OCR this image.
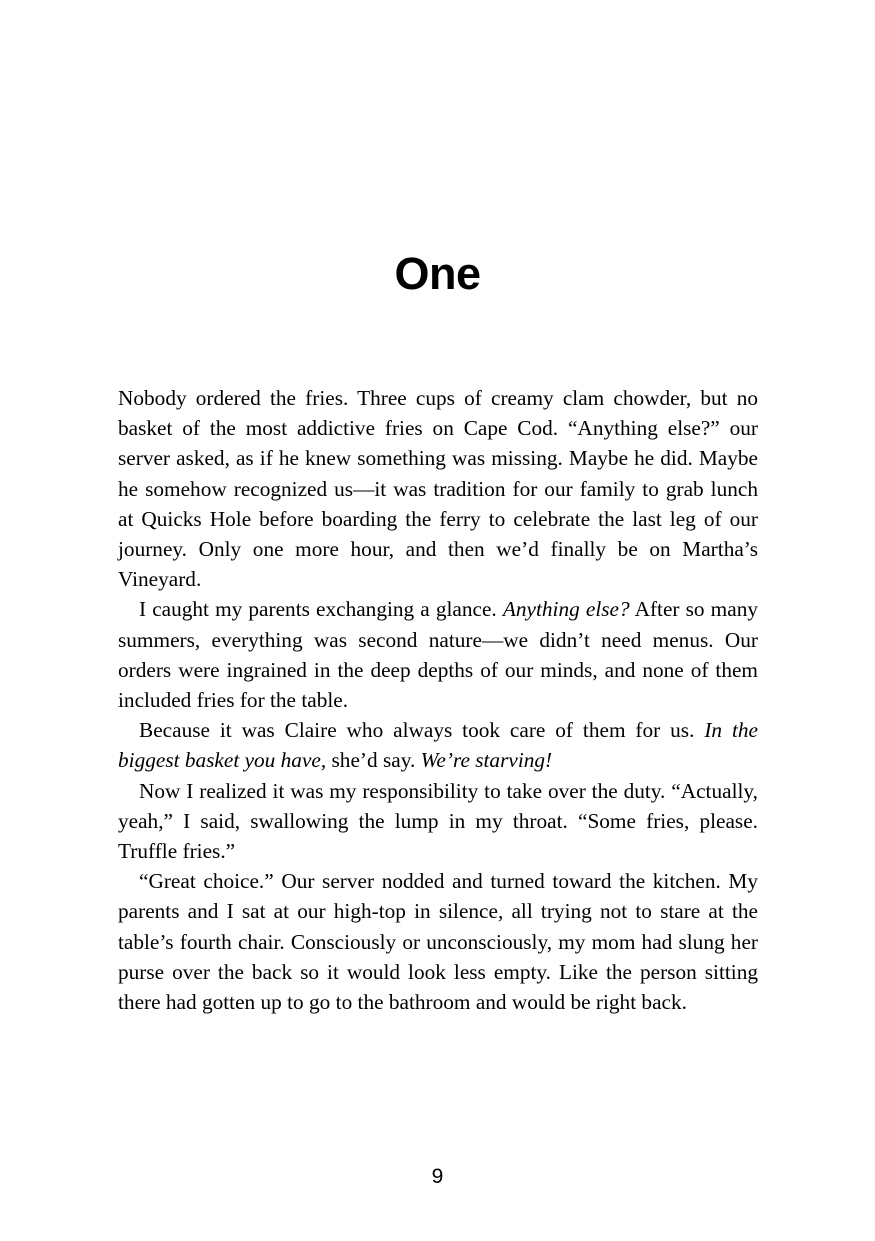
One

Nobody ordered the fries. Three cups of creamy clam chowder, but no basket of the most addictive fries on Cape Cod. “Anything else?” our server asked, as if he knew something was missing. Maybe he did. Maybe he somehow recognized us—it was tradition for our family to grab lunch at Quicks Hole before boarding the ferry to celebrate the last leg of our journey. Only one more hour, and then we’d finally be on Martha’s Vineyard.

I caught my parents exchanging a glance. Anything else? After so many summers, everything was second nature—we didn’t need menus. Our orders were ingrained in the deep depths of our minds, and none of them included fries for the table.

Because it was Claire who always took care of them for us. In the biggest basket you have, she’d say. We’re starving!

Now I realized it was my responsibility to take over the duty. “Actually, yeah,” I said, swallowing the lump in my throat. “Some fries, please. Truffle fries.”

“Great choice.” Our server nodded and turned toward the kitchen. My parents and I sat at our high-top in silence, all trying not to stare at the table’s fourth chair. Consciously or unconsciously, my mom had slung her purse over the back so it would look less empty. Like the person sitting there had gotten up to go to the bathroom and would be right back.

9
